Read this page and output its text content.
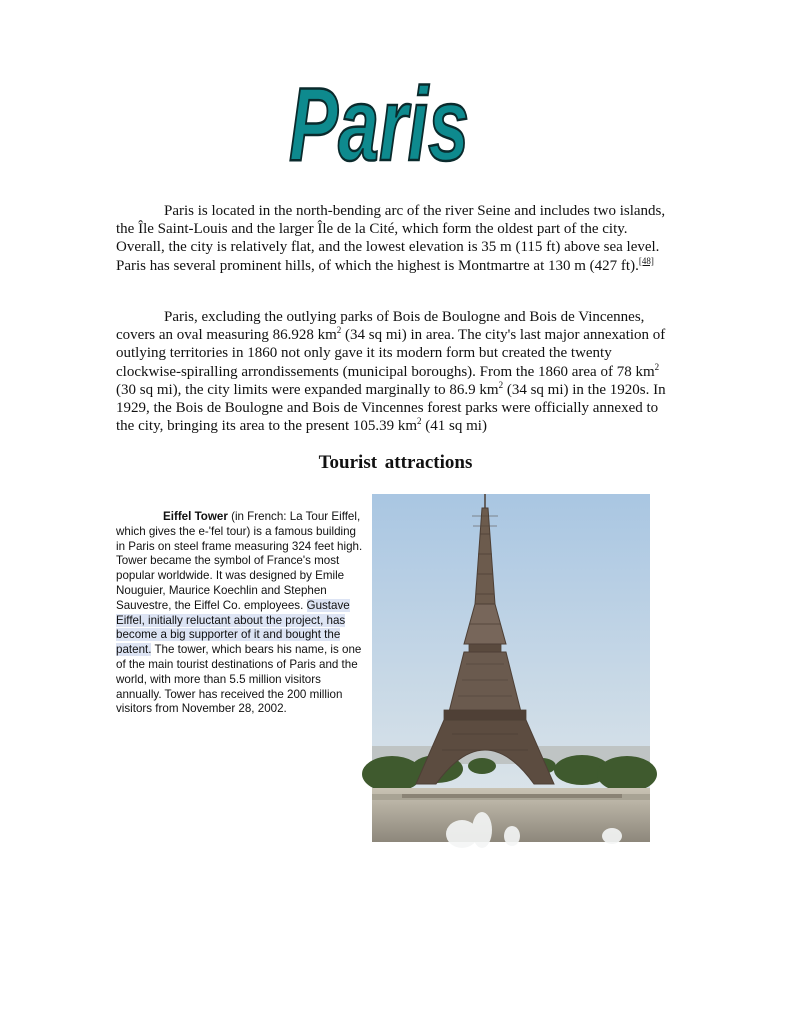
Paris

Paris is located in the north-bending arc of the river Seine and includes two islands, the Île Saint-Louis and the larger Île de la Cité, which form the oldest part of the city. Overall, the city is relatively flat, and the lowest elevation is 35 m (115 ft) above sea level. Paris has several prominent hills, of which the highest is Montmartre at 130 m (427 ft).[48]

Paris, excluding the outlying parks of Bois de Boulogne and Bois de Vincennes, covers an oval measuring 86.928 $km^2$ (34 sq mi) in area. The city's last major annexation of outlying territories in 1860 not only gave it its modern form but created the twenty clockwise-spiralling arrondissements (municipal boroughs). From the 1860 area of 78 $km^2$ (30 sq mi), the city limits were expanded marginally to 86.9 $km^2$ (34 sq mi) in the 1920s. In 1929, the Bois de Boulogne and Bois de Vincennes forest parks were officially annexed to the city, bringing its area to the present 105.39 $km^2$ (41 sq mi)

Tourist attractions

Eiffel Tower (in French: La Tour Eiffel, which gives the e-'fel tour) is a famous building in Paris on steel frame measuring 324 feet high. Tower became the symbol of France's most popular worldwide. It was designed by Emile Nouguier, Maurice Koechlin and Stephen Sauvestre, the Eiffel Co. employees. Gustave Eiffel, initially reluctant about the project, has become a big supporter of it and bought the patent. The tower, which bears his name, is one of the main tourist destinations of Paris and the world, with more than 5.5 million visitors annually. Tower has received the 200 million visitors from November 28, 2002.
